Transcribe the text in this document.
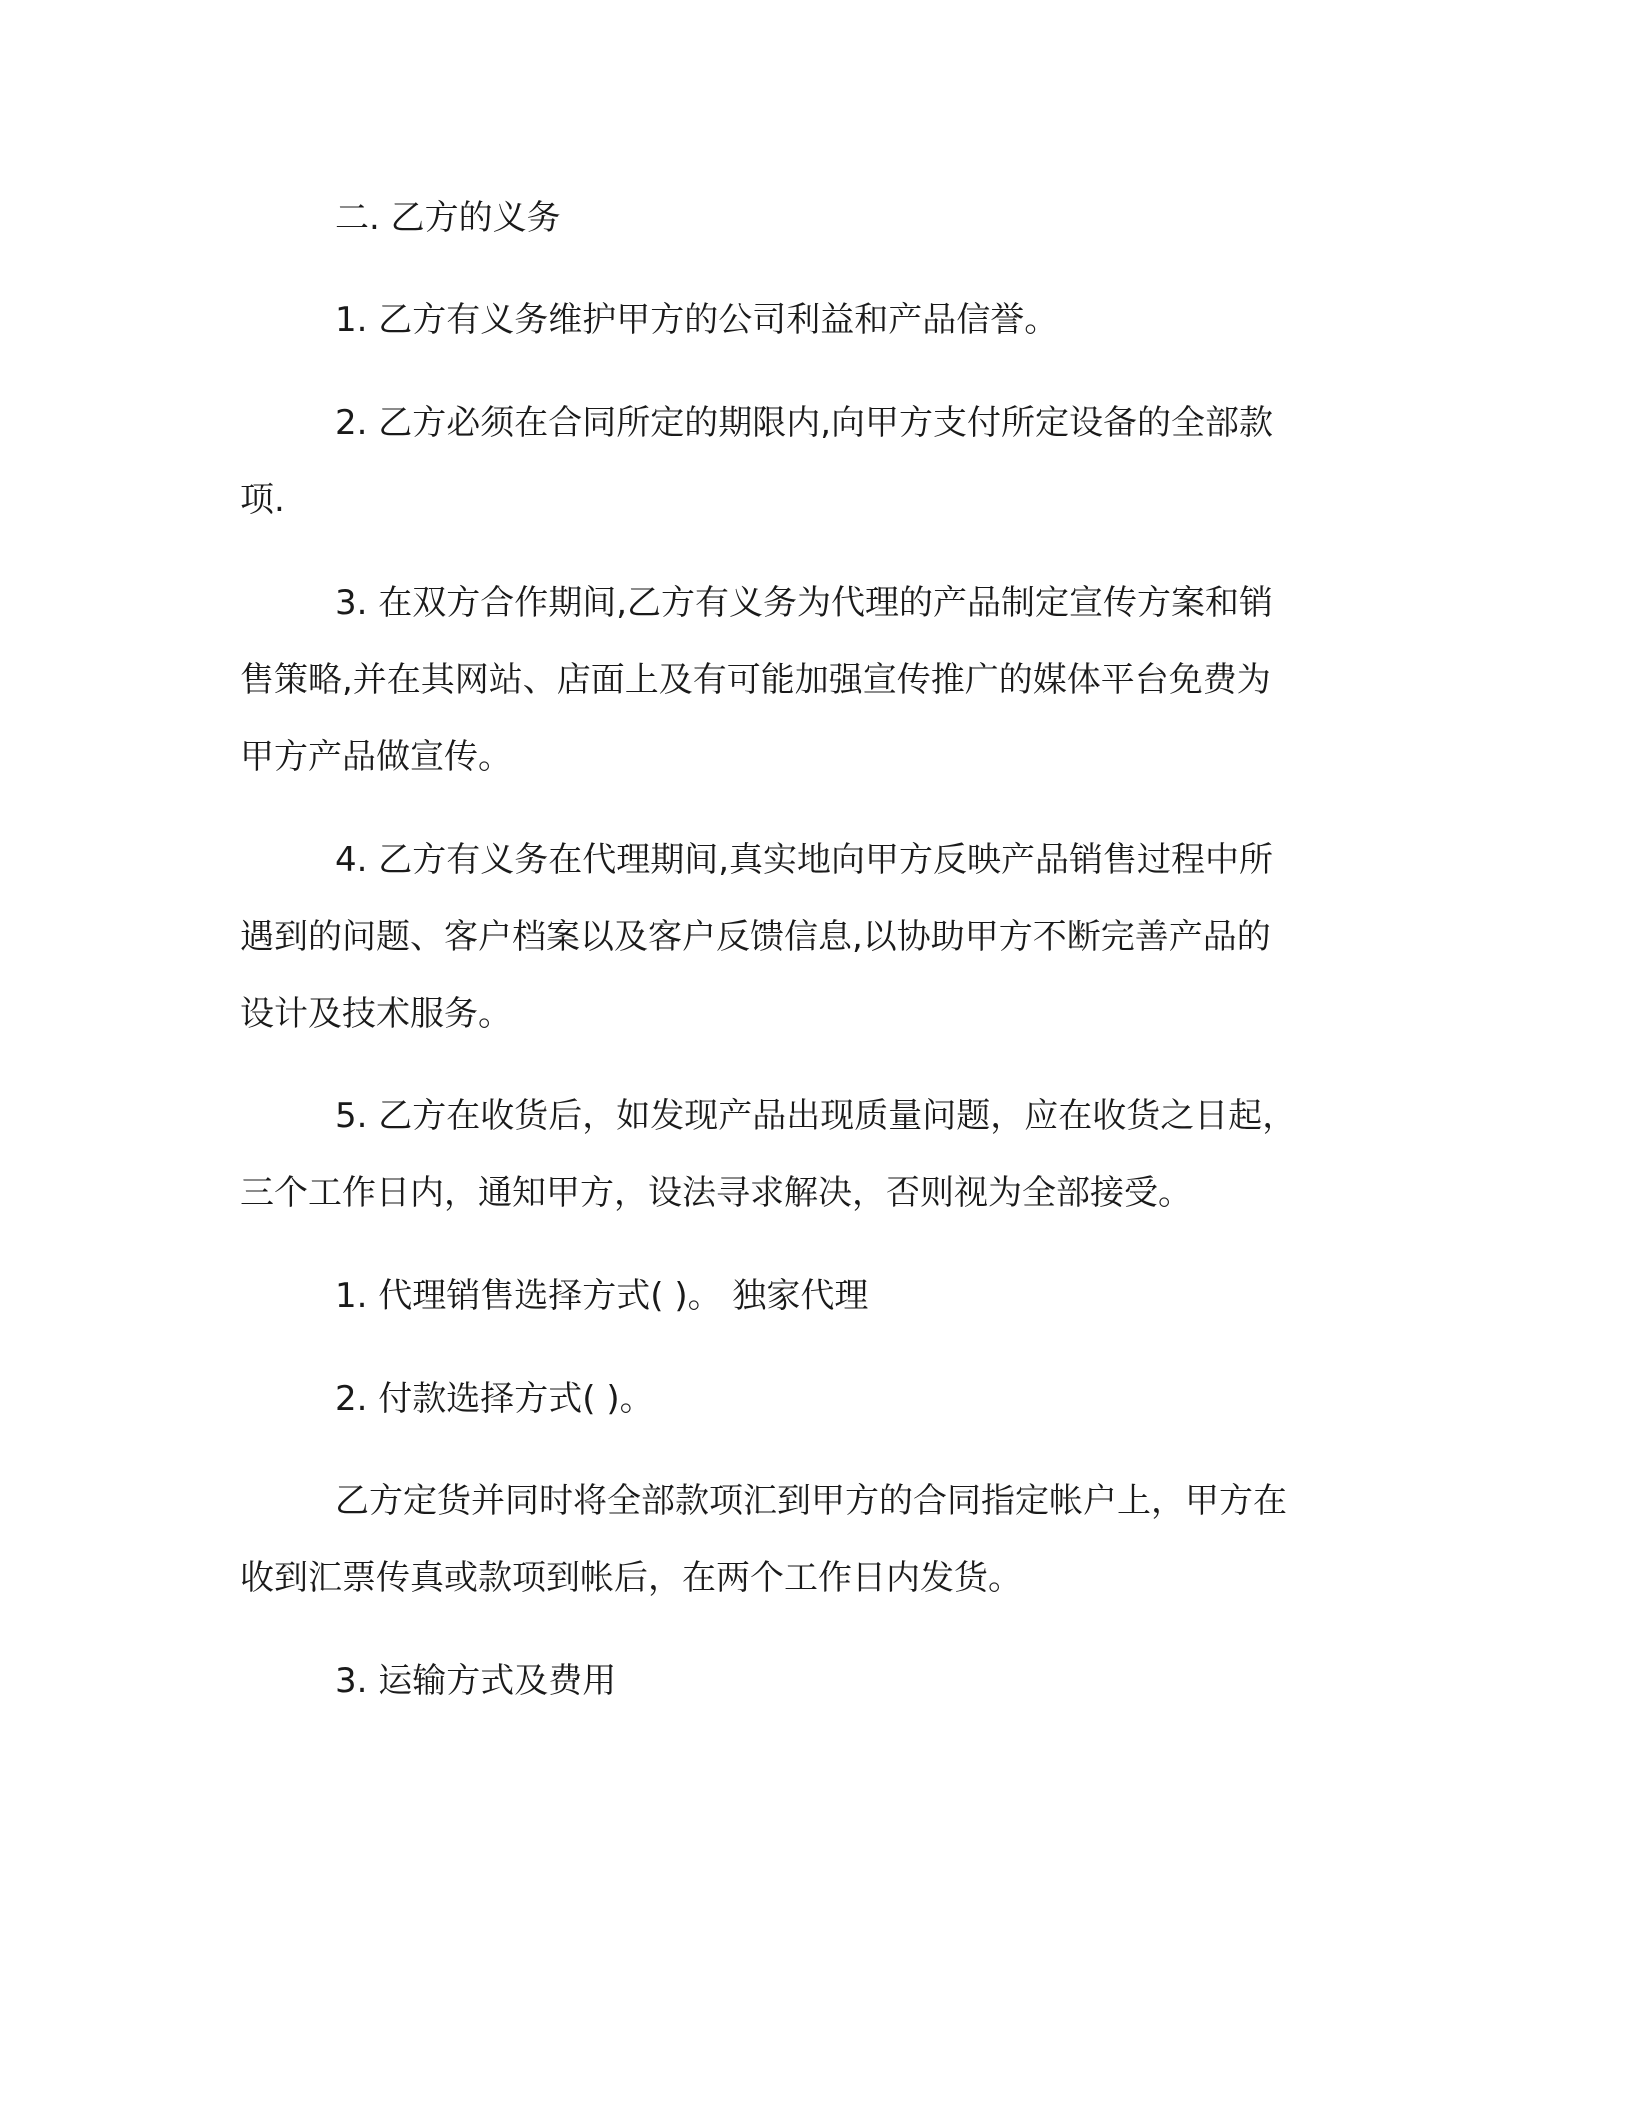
二. 乙方的义务

1. 乙方有义务维护甲方的公司利益和产品信誉。

2. 乙方必须在合同所定的期限内,向甲方支付所定设备的全部款
项.

3. 在双方合作期间,乙方有义务为代理的产品制定宣传方案和销
售策略,并在其网站、店面上及有可能加强宣传推广的媒体平台免费为
甲方产品做宣传。

4. 乙方有义务在代理期间,真实地向甲方反映产品销售过程中所
遇到的问题、客户档案以及客户反馈信息,以协助甲方不断完善产品的
设计及技术服务。

5. 乙方在收货后，如发现产品出现质量问题，应在收货之日起，
三个工作日内，通知甲方，设法寻求解决，否则视为全部接受。

1. 代理销售选择方式( )。 独家代理

2. 付款选择方式( )。

乙方定货并同时将全部款项汇到甲方的合同指定帐户上，甲方在
收到汇票传真或款项到帐后，在两个工作日内发货。

3. 运输方式及费用
